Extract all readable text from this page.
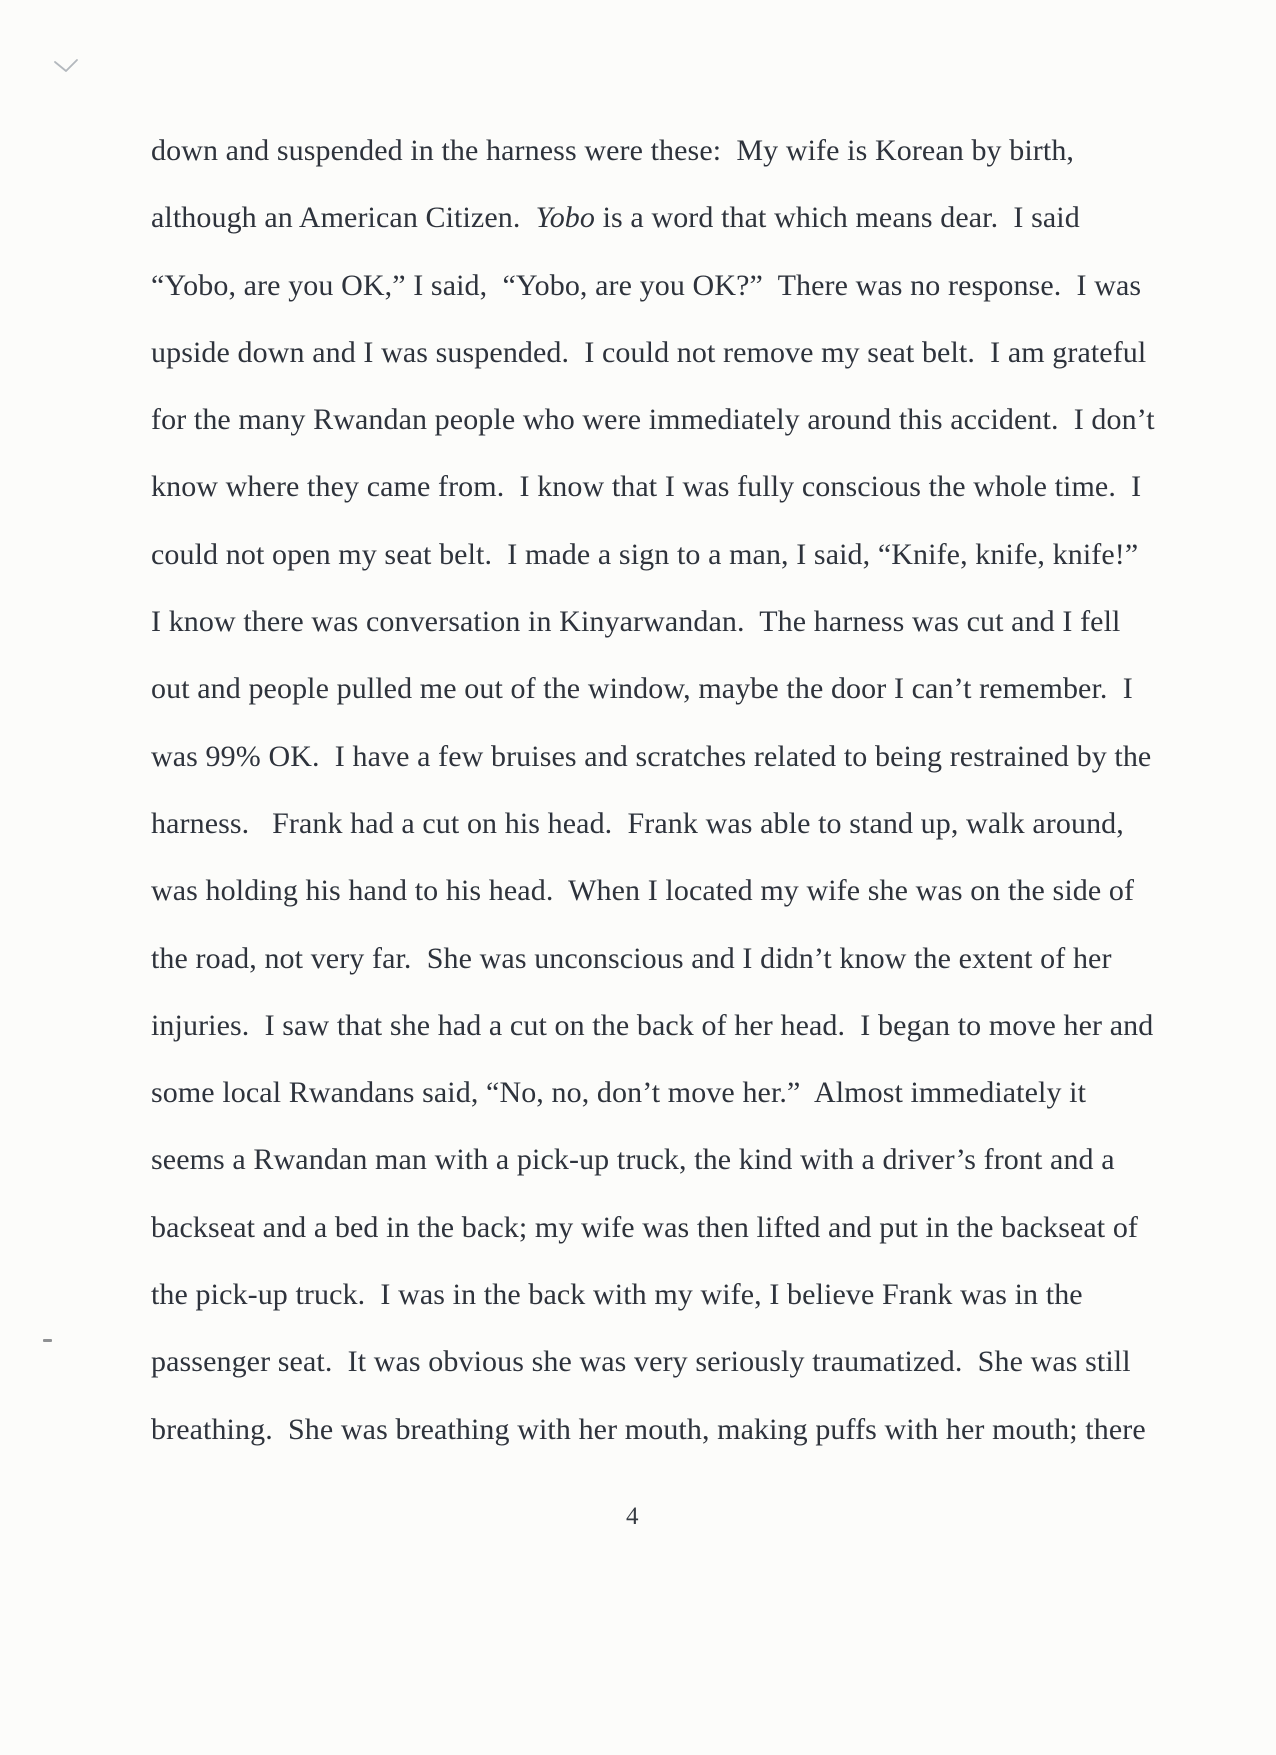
down and suspended in the harness were these:  My wife is Korean by birth,
although an American Citizen.  Yobo is a word that which means dear.  I said
“Yobo, are you OK,” I said,  “Yobo, are you OK?”  There was no response.  I was
upside down and I was suspended.  I could not remove my seat belt.  I am grateful
for the many Rwandan people who were immediately around this accident.  I don’t
know where they came from.  I know that I was fully conscious the whole time.  I
could not open my seat belt.  I made a sign to a man, I said, “Knife, knife, knife!”
I know there was conversation in Kinyarwandan.  The harness was cut and I fell
out and people pulled me out of the window, maybe the door I can’t remember.  I
was 99% OK.  I have a few bruises and scratches related to being restrained by the
harness.   Frank had a cut on his head.  Frank was able to stand up, walk around,
was holding his hand to his head.  When I located my wife she was on the side of
the road, not very far.  She was unconscious and I didn’t know the extent of her
injuries.  I saw that she had a cut on the back of her head.  I began to move her and
some local Rwandans said, “No, no, don’t move her.”  Almost immediately it
seems a Rwandan man with a pick-up truck, the kind with a driver’s front and a
backseat and a bed in the back; my wife was then lifted and put in the backseat of
the pick-up truck.  I was in the back with my wife, I believe Frank was in the
passenger seat.  It was obvious she was very seriously traumatized.  She was still
breathing.  She was breathing with her mouth, making puffs with her mouth; there
4
